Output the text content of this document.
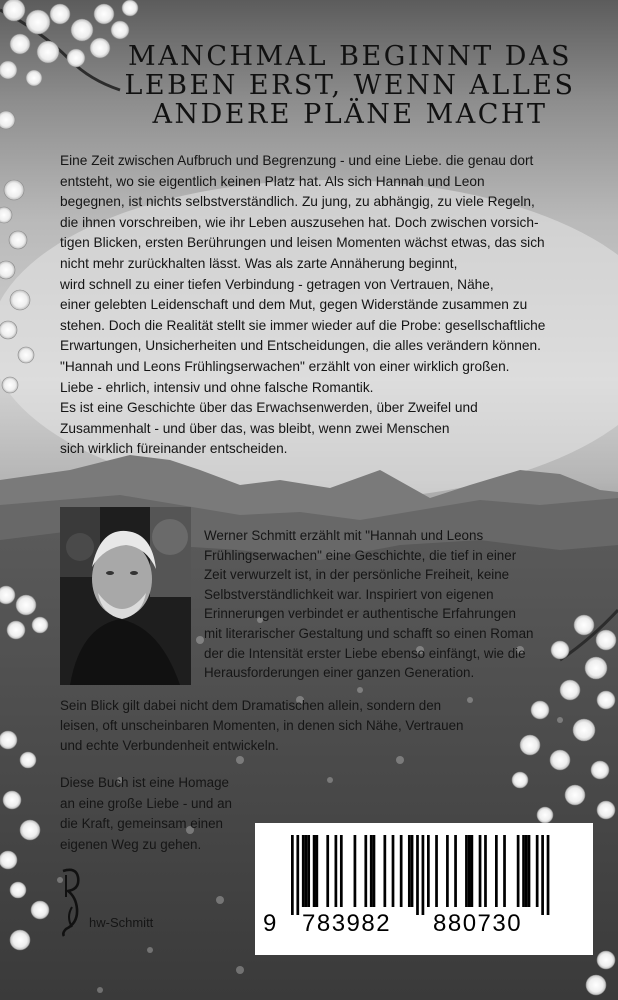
MANCHMAL BEGINNT DAS
LEBEN ERST, WENN ALLES
ANDERE PLÄNE MACHT
Eine Zeit zwischen Aufbruch und Begrenzung - und eine Liebe. die genau dort
entsteht, wo sie eigentlich keinen Platz hat. Als sich Hannah und Leon
begegnen, ist nichts selbstverständlich. Zu jung, zu abhängig, zu viele Regeln,
die ihnen vorschreiben, wie ihr Leben auszusehen hat. Doch zwischen vorsich-
tigen Blicken, ersten Berührungen und leisen Momenten wächst etwas, das sich
nicht mehr zurückhalten lässt. Was als zarte Annäherung beginnt,
wird schnell zu einer tiefen Verbindung - getragen von Vertrauen, Nähe,
einer gelebten Leidenschaft und dem Mut, gegen Widerstände zusammen zu
stehen. Doch die Realität stellt sie immer wieder auf die Probe: gesellschaftliche
Erwartungen, Unsicherheiten und Entscheidungen, die alles verändern können.
"Hannah und Leons Frühlingserwachen" erzählt von einer wirklich großen.
Liebe - ehrlich, intensiv und ohne falsche Romantik.
Es ist eine Geschichte über das Erwachsenwerden, über Zweifel und
Zusammenhalt - und über das, was bleibt, wenn zwei Menschen
sich wirklich füreinander entscheiden.
Werner Schmitt erzählt mit "Hannah und Leons
Frühlingserwachen" eine Geschichte, die tief in einer
Zeit verwurzelt ist, in der persönliche Freiheit, keine
Selbstverständlichkeit war. Inspiriert von eigenen
Erinnerungen verbindet er authentische Erfahrungen
mit literarischer Gestaltung und schafft so einen Roman
der die Intensität erster Liebe ebenso einfängt, wie die
Herausforderungen einer ganzen Generation.
Sein Blick gilt dabei nicht dem Dramatischen allein, sondern den
leisen, oft unscheinbaren Momenten, in denen sich Nähe, Vertrauen
und echte Verbundenheit entwickeln.
Diese Buch ist eine Homage
an eine große Liebe - und an
die Kraft, gemeinsam einen
eigenen Weg zu gehen.
hw-Schmitt	9 783982 880730
